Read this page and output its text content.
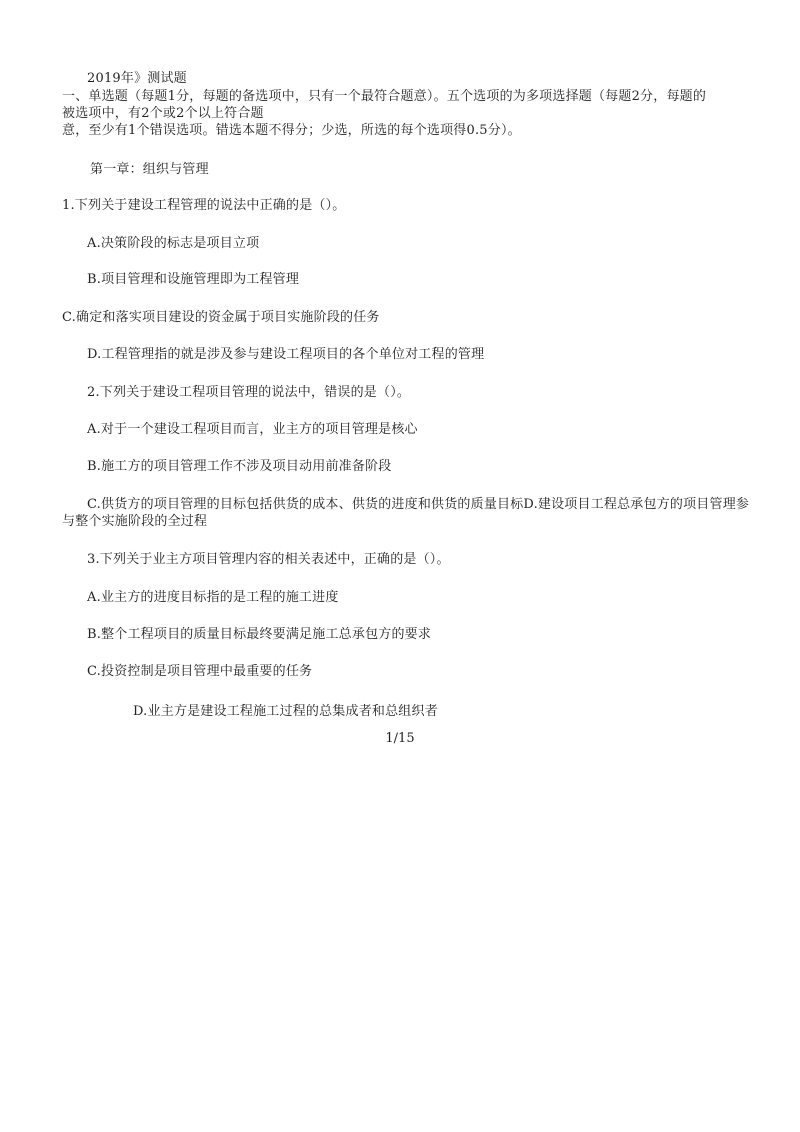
2019年》测试题
一、单选题（每题1分，每题的备选项中，只有一个最符合题意）。五个选项的为多项选择题（每题2分，每题的
被选项中，有2个或2个以上符合题
意，至少有1个错误选项。错选本题不得分；少选，所选的每个选项得0.5分）。
第一章：组织与管理
1.下列关于建设工程管理的说法中正确的是（）。
A.决策阶段的标志是项目立项
B.项目管理和设施管理即为工程管理
C.确定和落实项目建设的资金属于项目实施阶段的任务
D.工程管理指的就是涉及参与建设工程项目的各个单位对工程的管理
2.下列关于建设工程项目管理的说法中，错误的是（）。
A.对于一个建设工程项目而言，业主方的项目管理是核心
B.施工方的项目管理工作不涉及项目动用前准备阶段
C.供货方的项目管理的目标包括供货的成本、供货的进度和供货的质量目标D.建设项目工程总承包方的项目管理参与整个实施阶段的全过程
3.下列关于业主方项目管理内容的相关表述中，正确的是（）。
A.业主方的进度目标指的是工程的施工进度
B.整个工程项目的质量目标最终要满足施工总承包方的要求
C.投资控制是项目管理中最重要的任务
D.业主方是建设工程施工过程的总集成者和总组织者
1/15
